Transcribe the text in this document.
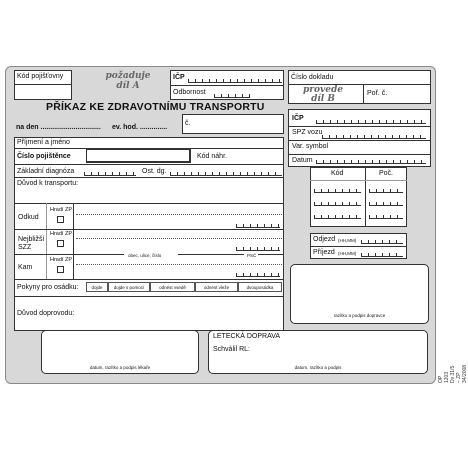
Kód pojišťovny	požaduje
díl A
IČP
Odbornost
PŘÍKAZ KE ZDRAVOTNÍMU TRANSPORTU
Číslo dokladu
provede
díl B
Poř. č.
na den ............................... ev. hod. ..............
č.
Příjmení a jméno
Číslo pojištěnce	Kód náhr.
Základní diagnóza	Ost. dg.
Důvod k transportu:
Hradí ZP
Odkud
Hradí ZP
Nejbližší
SZZ
obec, ulice, číslo	PSČ
Hradí ZP
Kam
Pokyny pro osádku:	dojde	dojde s pomocí	odnést vsedě	odnést vleže	dvouposádka
Důvod doprovodu:
IČP
SPZ vozu
Var. symbol
Datum
Kód	Poč.
Odjezd (HH,MM)
Příjezd (HH,MM)
razítko a podpis dopravce
datum, razítko a podpis lékaře
LETECKÁ DOPRAVA
Schválil RL:
datum, razítko a podpis
OP 1203 Dv 31/5 – ZP 34/2008
